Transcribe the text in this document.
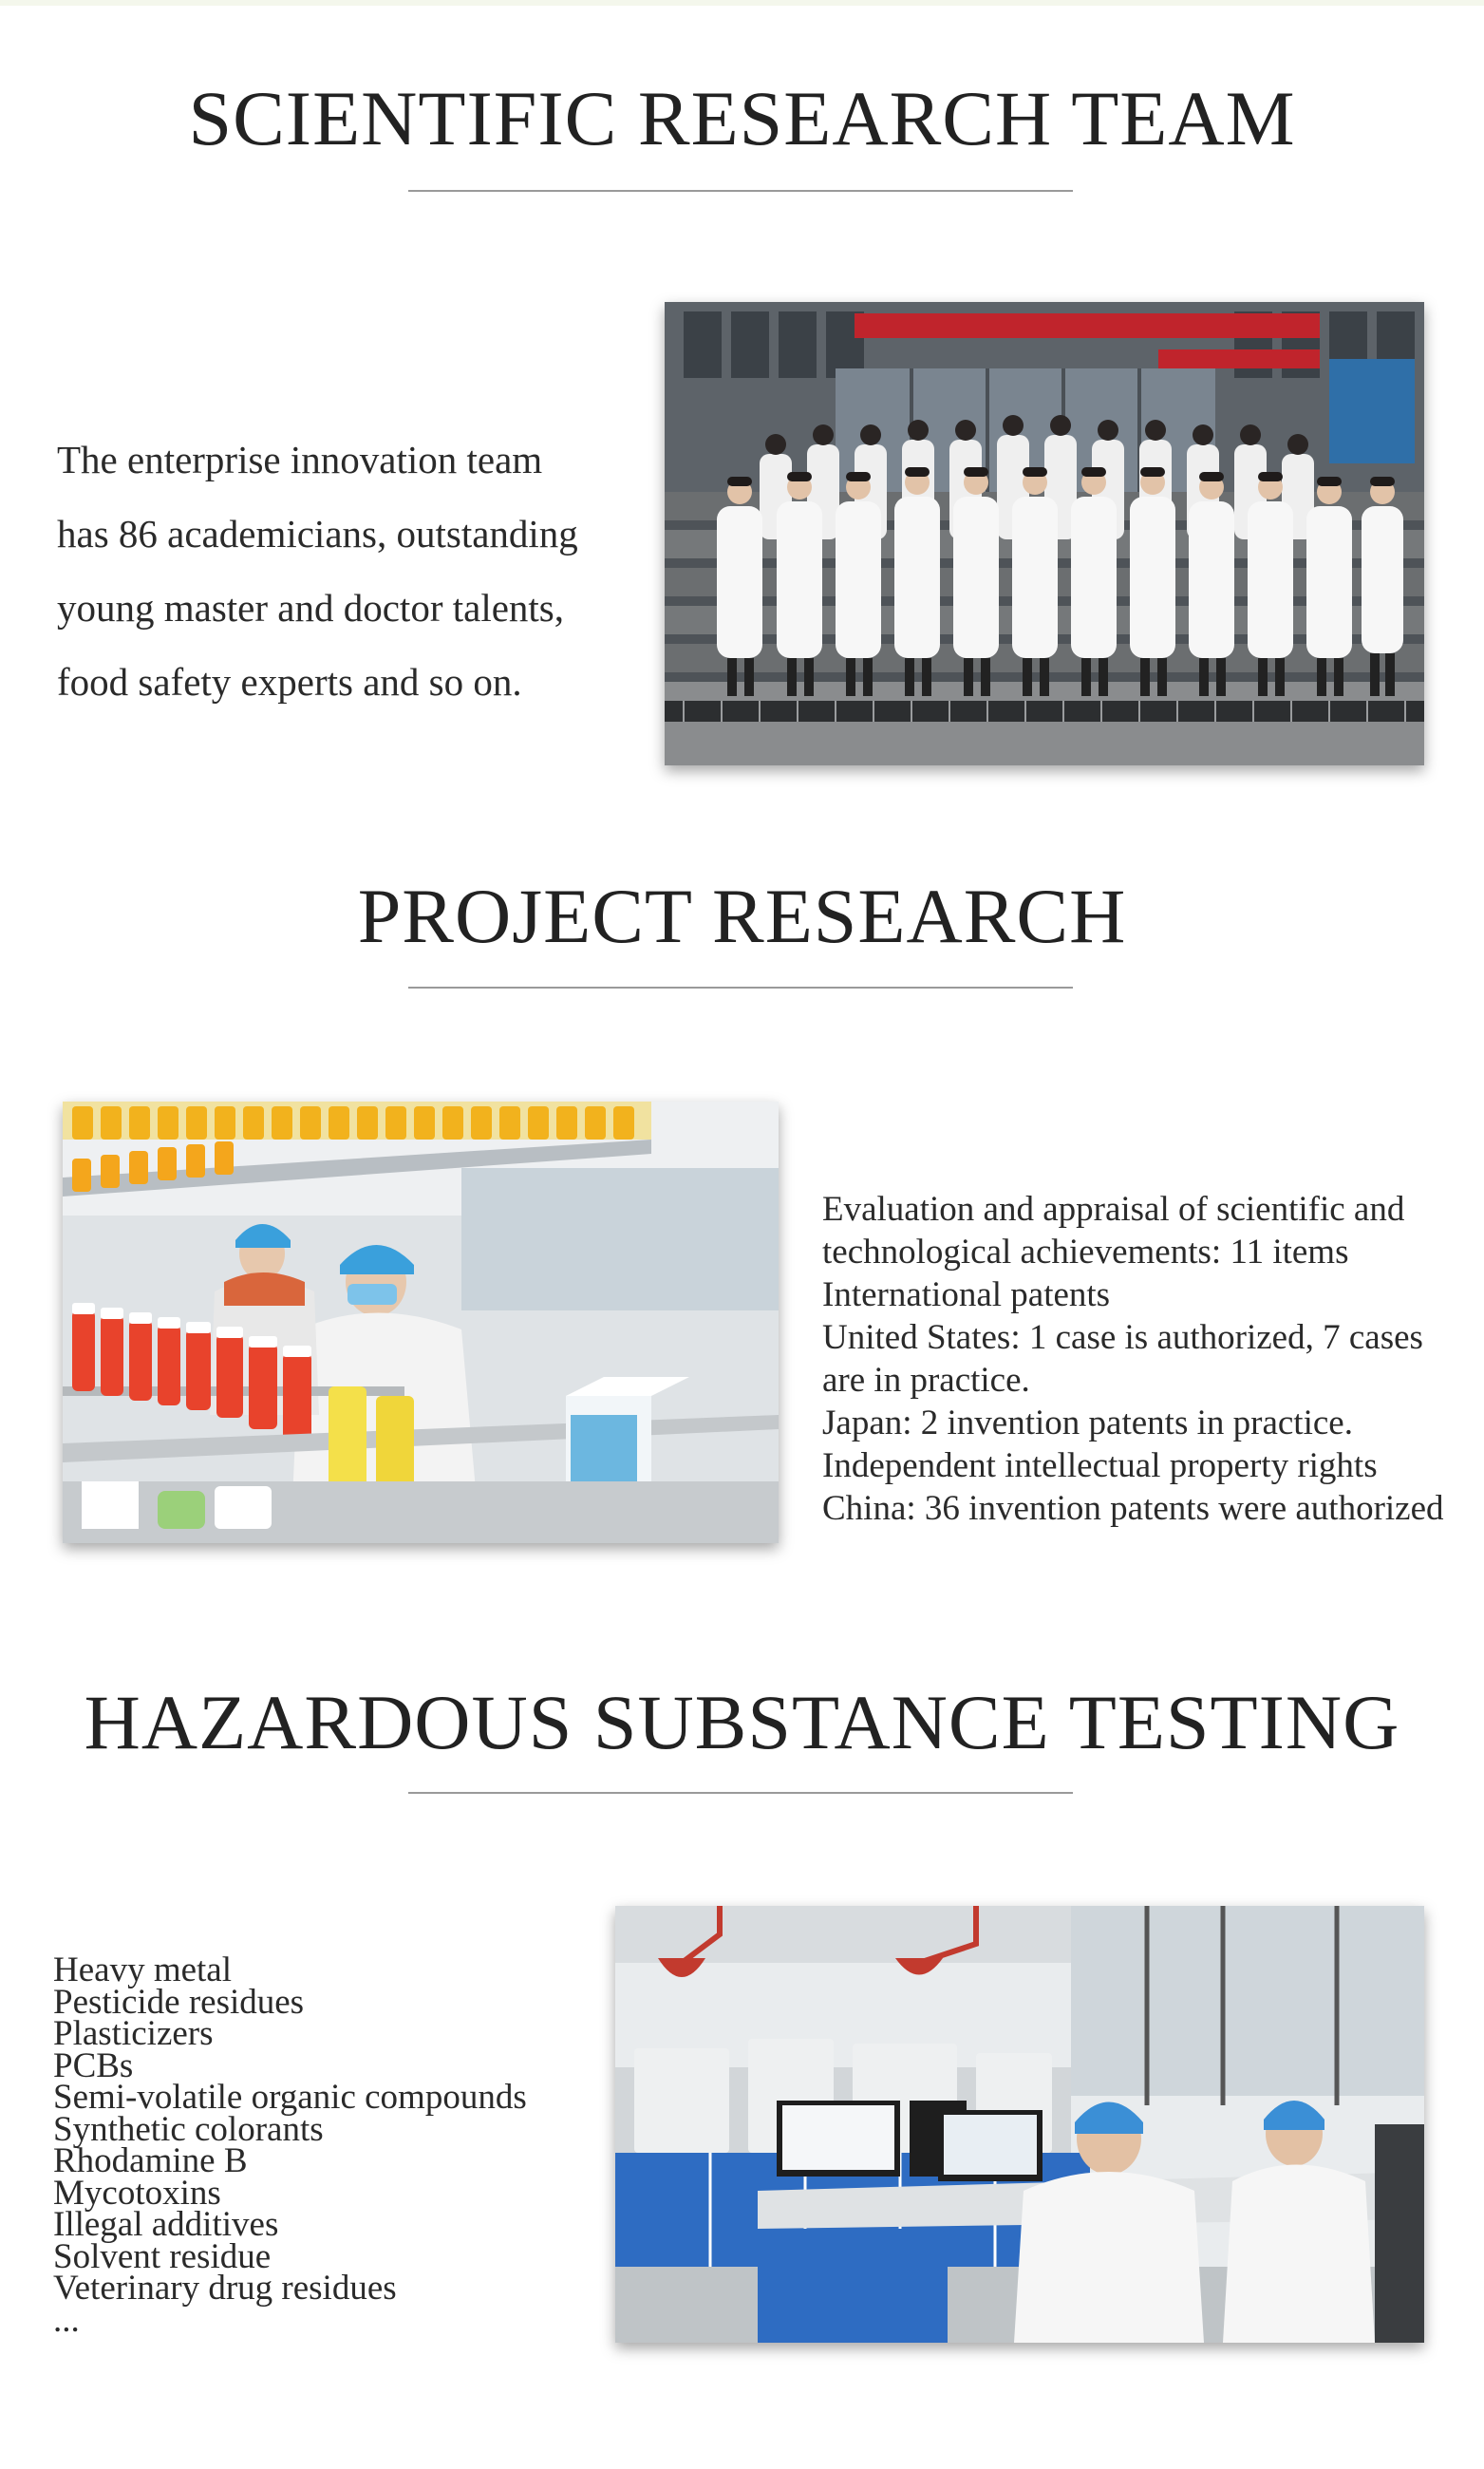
SCIENTIFIC RESEARCH TEAM
The enterprise innovation team
has 86 academicians, outstanding
young master and doctor talents,
food safety experts and so on.
PROJECT RESEARCH
Evaluation and appraisal of scientific and
technological achievements: 11 items
International patents
United States: 1 case is authorized, 7 cases
are in practice.
Japan: 2 invention patents in practice.
Independent intellectual property rights
China: 36 invention patents were authorized
HAZARDOUS SUBSTANCE TESTING
Heavy metal
Pesticide residues
Plasticizers
PCBs
Semi-volatile organic compounds
Synthetic colorants
Rhodamine B
Mycotoxins
Illegal additives
Solvent residue
Veterinary drug residues
...
